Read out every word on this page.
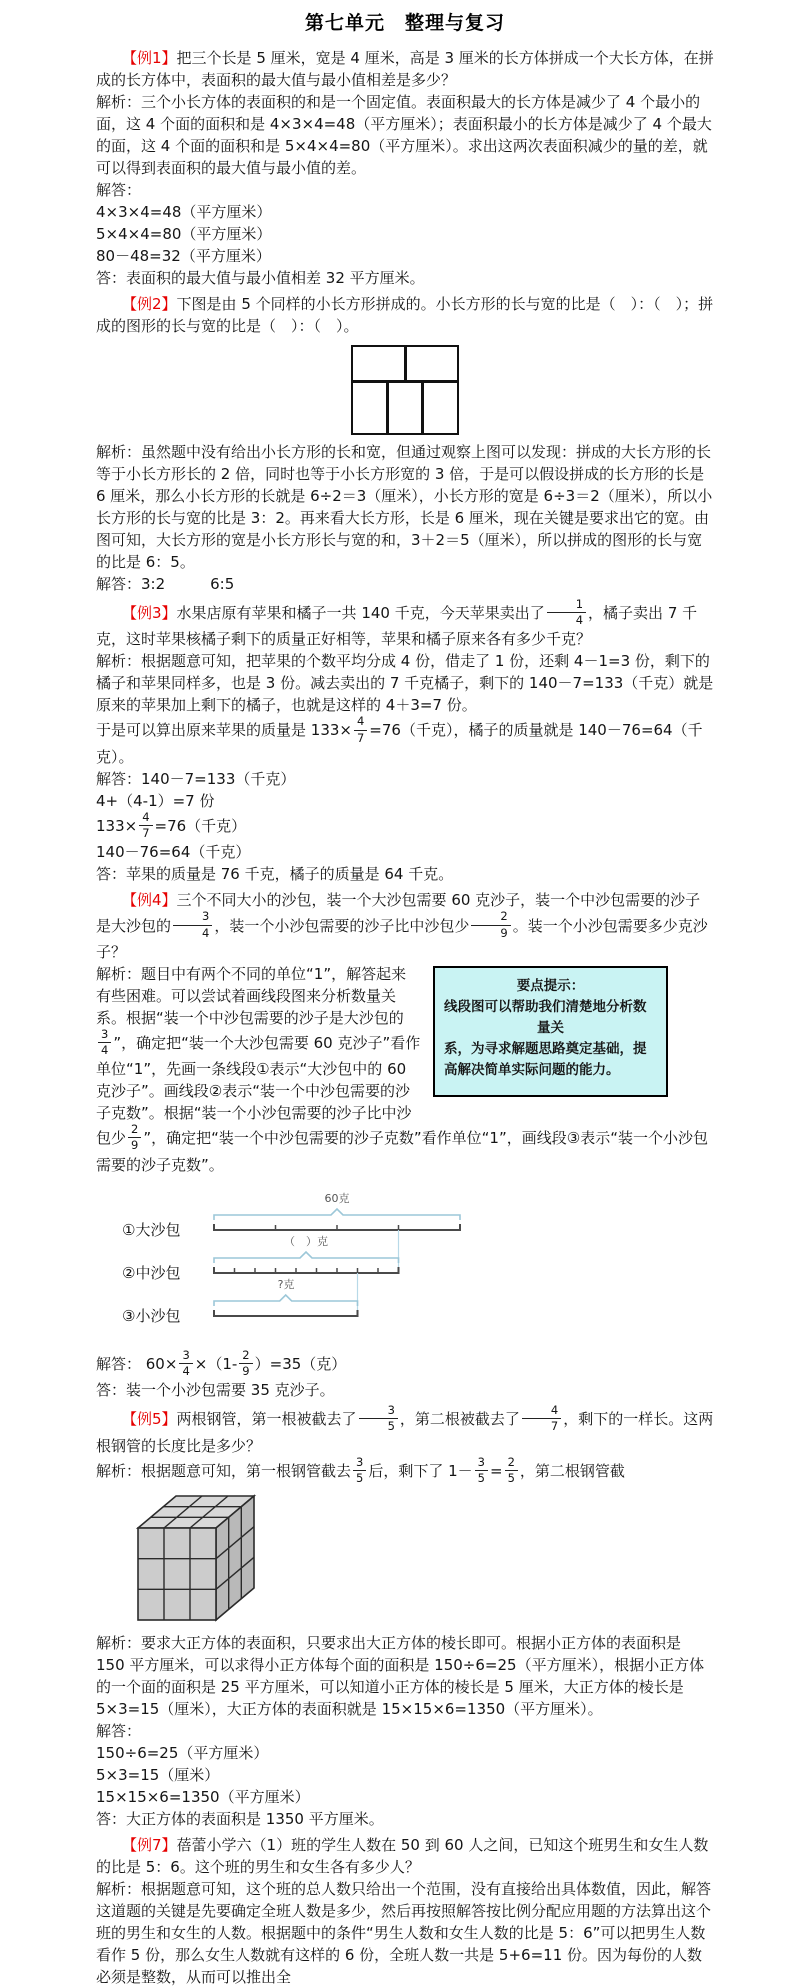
第七单元　整理与复习

【例1】把三个长是 5 厘米，宽是 4 厘米，高是 3 厘米的长方体拼成一个大长方体，在拼成的长方体中，表面积的最大值与最小值相差是多少？

解析：三个小长方体的表面积的和是一个固定值。表面积最大的长方体是减少了 4 个最小的面，这 4 个面的面积和是 4×3×4=48（平方厘米）；表面积最小的长方体是减少了 4 个最大的面，这 4 个面的面积和是 5×4×4=80（平方厘米）。求出这两次表面积减少的量的差，就可以得到表面积的最大值与最小值的差。

解答：

4×3×4=48（平方厘米）

5×4×4=80（平方厘米）

80－48=32（平方厘米）

答：表面积的最大值与最小值相差 32 平方厘米。

【例2】下图是由 5 个同样的小长方形拼成的。小长方形的长与宽的比是（　）：（　）；拼成的图形的长与宽的比是（　）：（　）。

解析：虽然题中没有给出小长方形的长和宽，但通过观察上图可以发现：拼成的大长方形的长等于小长方形长的 2 倍，同时也等于小长方形宽的 3 倍，于是可以假设拼成的长方形的长是 6 厘米，那么小长方形的长就是 6÷2＝3（厘米），小长方形的宽是 6÷3＝2（厘米），所以小长方形的长与宽的比是 3：2。再来看大长方形，长是 6 厘米，现在关键是要求出它的宽。由图可知，大长方形的宽是小长方形长与宽的和，3＋2＝5（厘米），所以拼成的图形的长与宽的比是 6：5。

解答：3:2　　　6:5

【例3】水果店原有苹果和橘子一共 140 千克，今天苹果卖出了 $\frac{1}{4}$ ，橘子卖出 7 千克，这时苹果核橘子剩下的质量正好相等，苹果和橘子原来各有多少千克？

解析：根据题意可知，把苹果的个数平均分成 4 份，借走了 1 份，还剩 4－1=3 份，剩下的橘子和苹果同样多，也是 3 份。减去卖出的 7 千克橘子，剩下的 140－7=133（千克）就是原来的苹果加上剩下的橘子，也就是这样的 4＋3=7 份。

于是可以算出原来苹果的质量是 $133\times \frac{4}{7} =76$（千克），橘子的质量就是 140－76=64（千克）。

解答：140－7=133（千克）

4+（4-1）=7 份

$133\times \frac{4}{7} =76$（千克）

140－76=64（千克）

答：苹果的质量是 76 千克，橘子的质量是 64 千克。

【例4】三个不同大小的沙包，装一个大沙包需要 60 克沙子，装一个中沙包需要的沙子是大沙包的 $\frac{3}{4}$ ，装一个小沙包需要的沙子比中沙包少 $\frac{2}{9}$ 。装一个小沙包需要多少克沙子？

要点提示：
线段图可以帮助我们清楚地分析数
量关
系，为寻求解题思路奠定基础，提高解决简单实际问题的能力。
解析：题目中有两个不同的单位“1”，解答起来有些困难。可以尝试着画线段图来分析数量关系。根据“装一个中沙包需要的沙子是大沙包的
$\frac{3}{4}$ ”，确定把“装一个大沙包需要 60 克沙子”看作单位“1”，先画一条线段①表示“大沙包中的 60 克沙子”。画线段②表示“装一个中沙包需要的沙子克数”。根据“装一个小沙包需要的沙子比中沙包少 $\frac{2}{9}$ ”，确定把“装一个中沙包需要的沙子克数”看作单位“1”，画线段③表示“装一个小沙包需要的沙子克数”。

①大沙包
60克
②中沙包
（　）克
③小沙包
?克

解答： $60\times \frac{3}{4} \times(1- \frac{2}{9} )=35$（克）

答：装一个小沙包需要 35 克沙子。

【例5】两根钢管，第一根被截去了 $\frac{3}{5}$ ，第二根被截去了 $\frac{4}{7}$ ，剩下的一样长。这两根钢管的长度比是多少？

解析：根据题意可知，第一根钢管截去 $\frac{3}{5}$ 后，剩下了 $1- \frac{3}{5} = \frac{2}{5}$ ，第二根钢管截

解析：要求大正方体的表面积，只要求出大正方体的棱长即可。根据小正方体的表面积是 150 平方厘米，可以求得小正方体每个面的面积是 150÷6=25（平方厘米），根据小正方体的一个面的面积是 25 平方厘米，可以知道小正方体的棱长是 5 厘米，大正方体的棱长是 5×3=15（厘米），大正方体的表面积就是 15×15×6=1350（平方厘米）。

解答：

150÷6=25（平方厘米）

5×3=15（厘米）

15×15×6=1350（平方厘米）

答：大正方体的表面积是 1350 平方厘米。

【例7】蓓蕾小学六（1）班的学生人数在 50 到 60 人之间，已知这个班男生和女生人数的比是 5：6。这个班的男生和女生各有多少人？

解析：根据题意可知，这个班的总人数只给出一个范围，没有直接给出具体数值，因此，解答这道题的关键是先要确定全班人数是多少，然后再按照解答按比例分配应用题的方法算出这个班的男生和女生的人数。根据题中的条件“男生人数和女生人数的比是 5：6”可以把男生人数看作 5 份，那么女生人数就有这样的 6 份，全班人数一共是 5+6=11 份。因为每份的人数必须是整数，从而可以推出全
